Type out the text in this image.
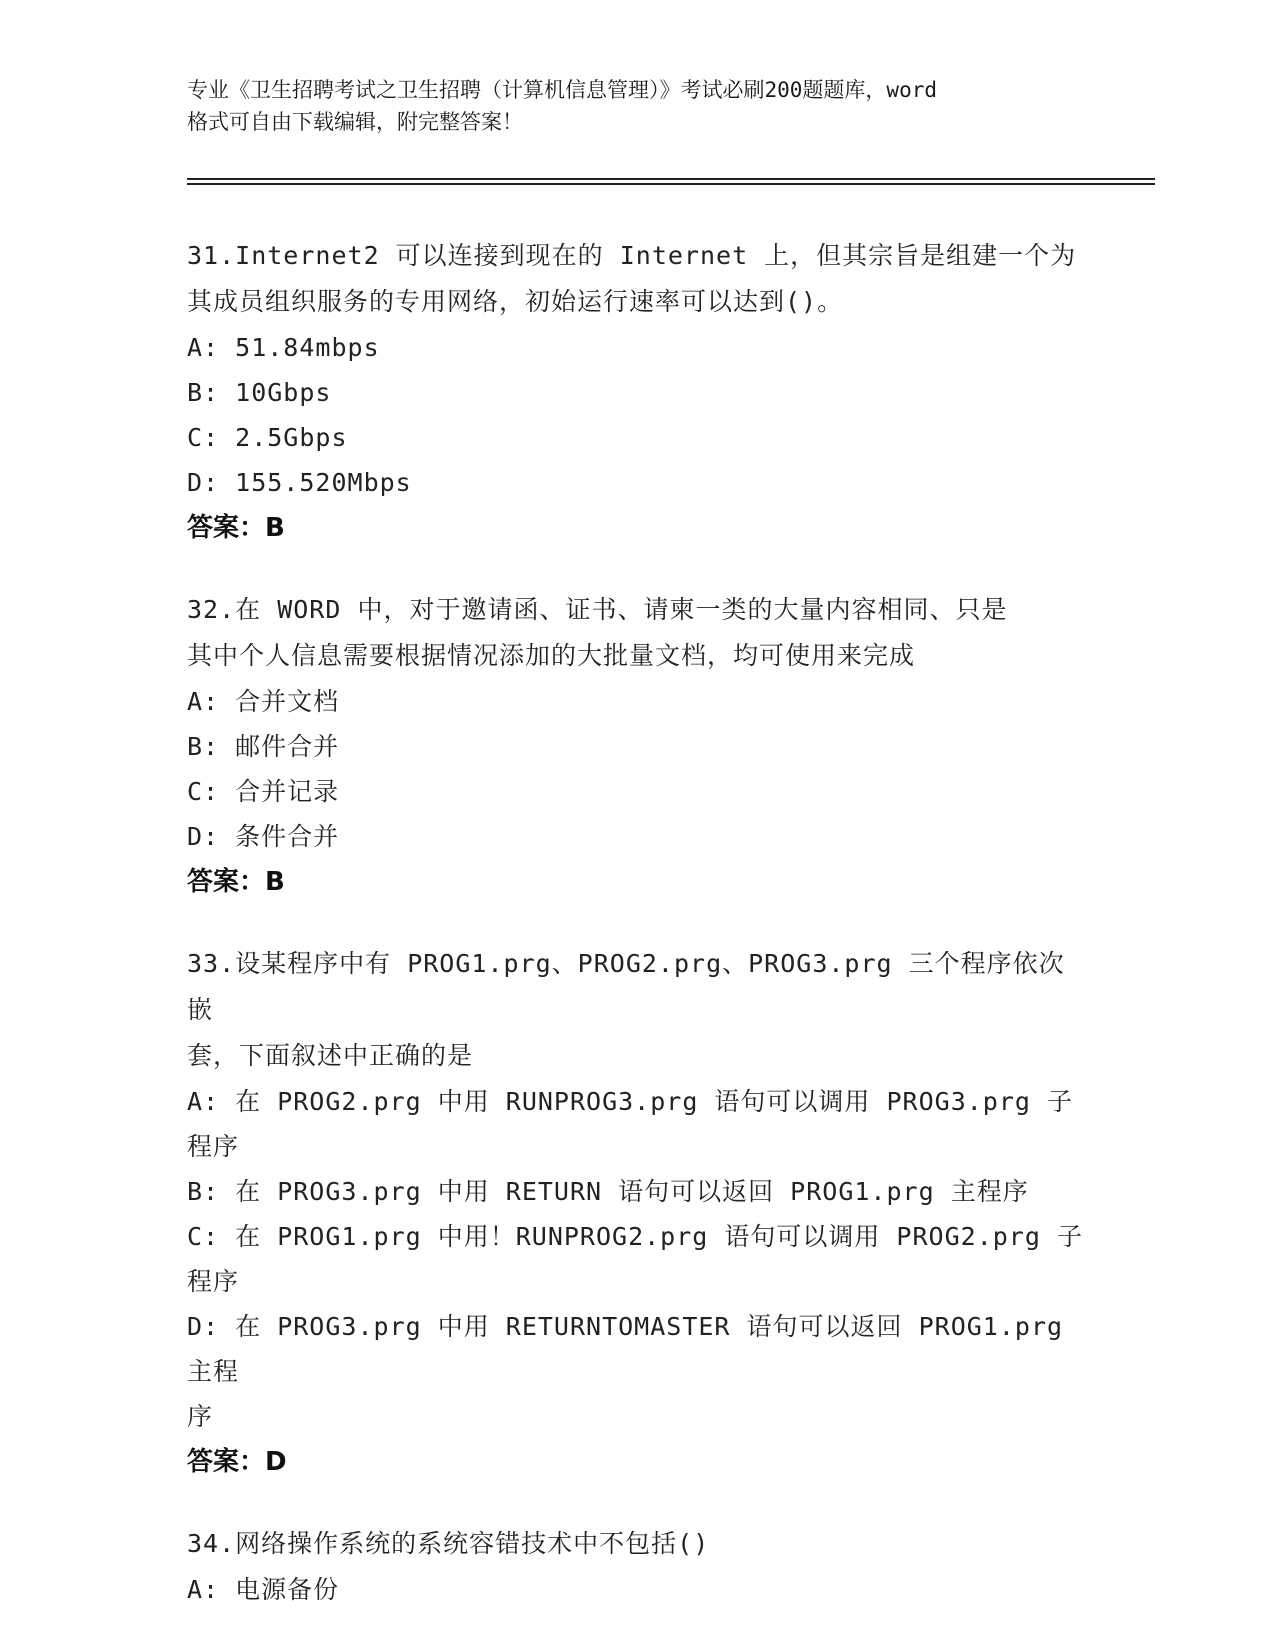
专业《卫生招聘考试之卫生招聘（计算机信息管理）》考试必刷200题题库，word
格式可自由下载编辑，附完整答案！
31.Internet2 可以连接到现在的 Internet 上，但其宗旨是组建一个为
其成员组织服务的专用网络，初始运行速率可以达到()。
A: 51.84mbps
B: 10Gbps
C: 2.5Gbps
D: 155.520Mbps
答案：B
32.在 WORD 中，对于邀请函、证书、请柬一类的大量内容相同、只是
其中个人信息需要根据情况添加的大批量文档，均可使用来完成
A: 合并文档
B: 邮件合并
C: 合并记录
D: 条件合并
答案：B
33.设某程序中有 PROG1.prg、PROG2.prg、PROG3.prg 三个程序依次嵌
套，下面叙述中正确的是
A: 在 PROG2.prg 中用 RUNPROG3.prg 语句可以调用 PROG3.prg 子程序
B: 在 PROG3.prg 中用 RETURN 语句可以返回 PROG1.prg 主程序
C: 在 PROG1.prg 中用！RUNPROG2.prg 语句可以调用 PROG2.prg 子程序
D: 在 PROG3.prg 中用 RETURNTOMASTER 语句可以返回 PROG1.prg 主程
序
答案：D
34.网络操作系统的系统容错技术中不包括()
A: 电源备份
